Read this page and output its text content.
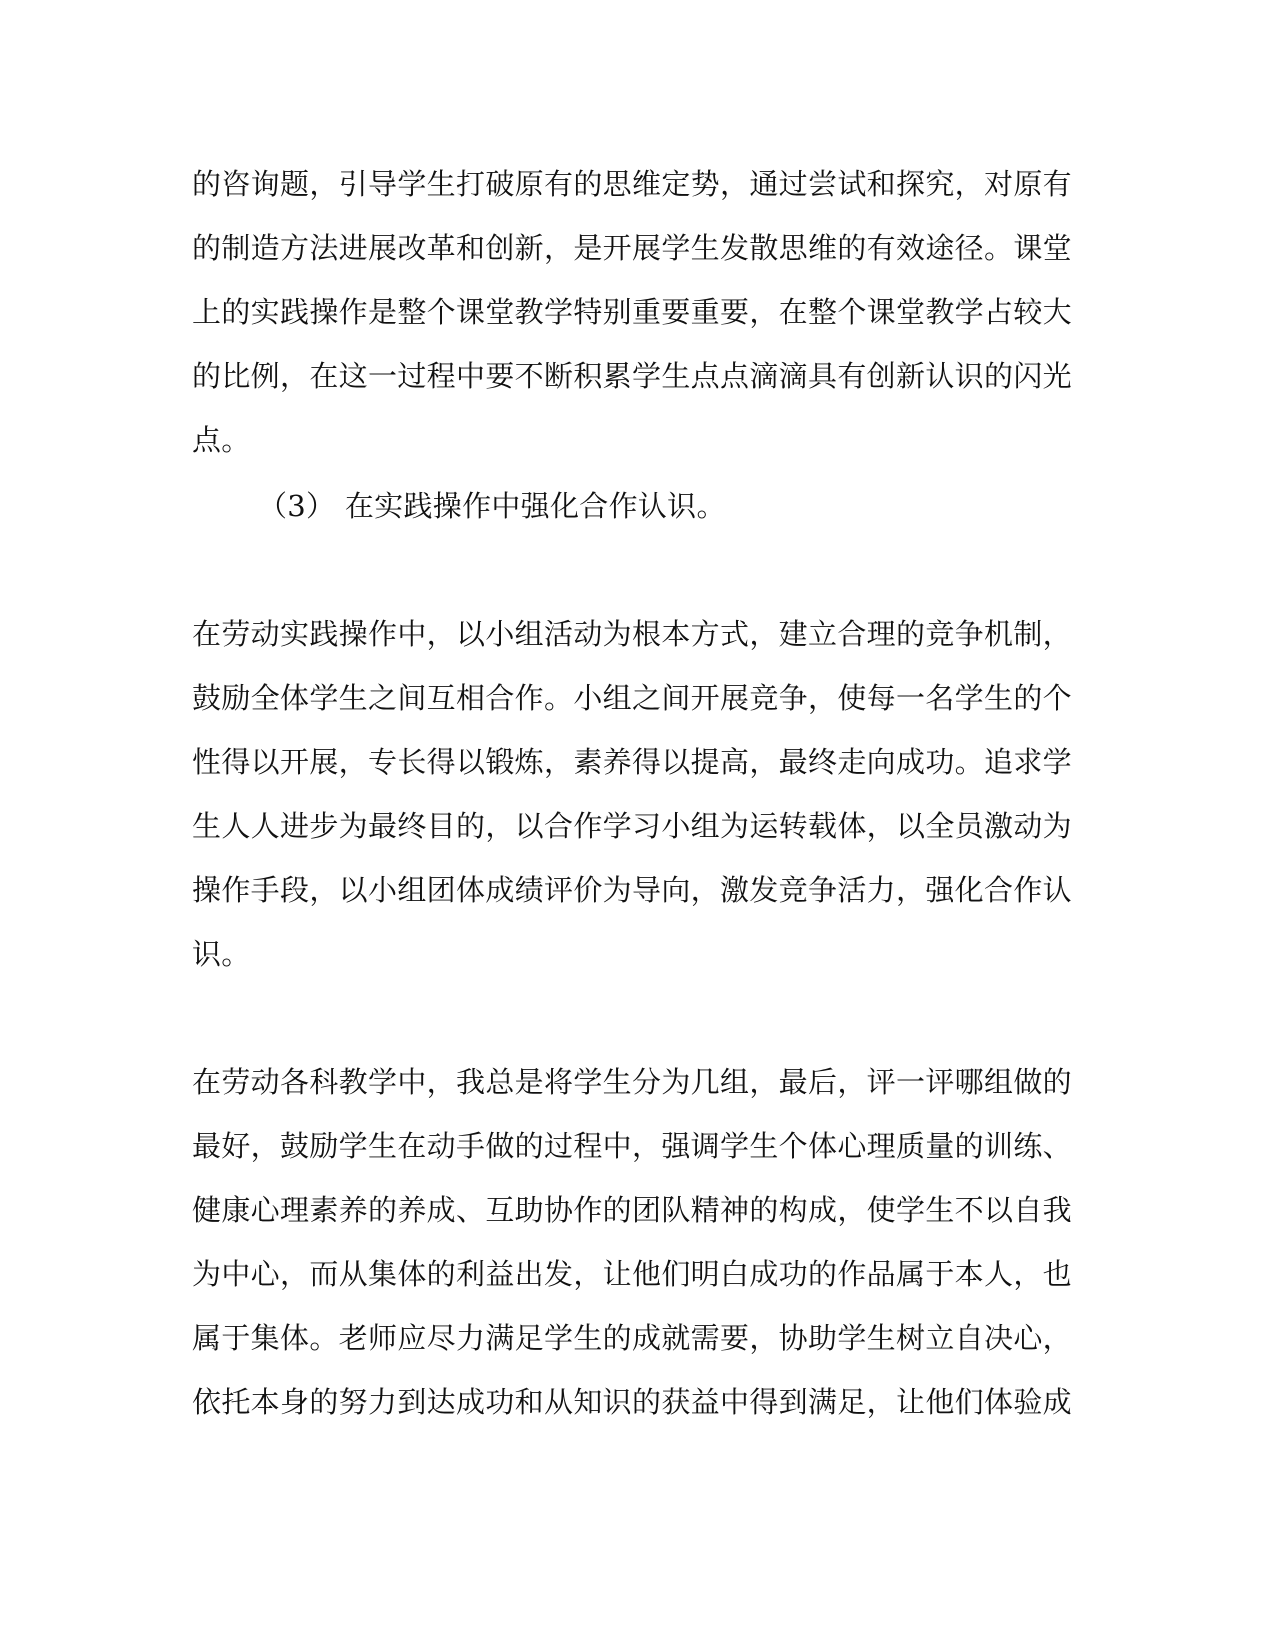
的咨询题，引导学生打破原有的思维定势，通过尝试和探究，对原有
的制造方法进展改革和创新，是开展学生发散思维的有效途径。课堂
上的实践操作是整个课堂教学特别重要重要，在整个课堂教学占较大
的比例，在这一过程中要不断积累学生点点滴滴具有创新认识的闪光
点。
（3） 在实践操作中强化合作认识。
在劳动实践操作中，以小组活动为根本方式，建立合理的竞争机制，
鼓励全体学生之间互相合作。小组之间开展竞争，使每一名学生的个
性得以开展，专长得以锻炼，素养得以提高，最终走向成功。追求学
生人人进步为最终目的，以合作学习小组为运转载体，以全员激动为
操作手段，以小组团体成绩评价为导向，激发竞争活力，强化合作认
识。
在劳动各科教学中，我总是将学生分为几组，最后，评一评哪组做的
最好，鼓励学生在动手做的过程中，强调学生个体心理质量的训练、
健康心理素养的养成、互助协作的团队精神的构成，使学生不以自我
为中心，而从集体的利益出发，让他们明白成功的作品属于本人，也
属于集体。老师应尽力满足学生的成就需要，协助学生树立自决心，
依托本身的努力到达成功和从知识的获益中得到满足，让他们体验成
